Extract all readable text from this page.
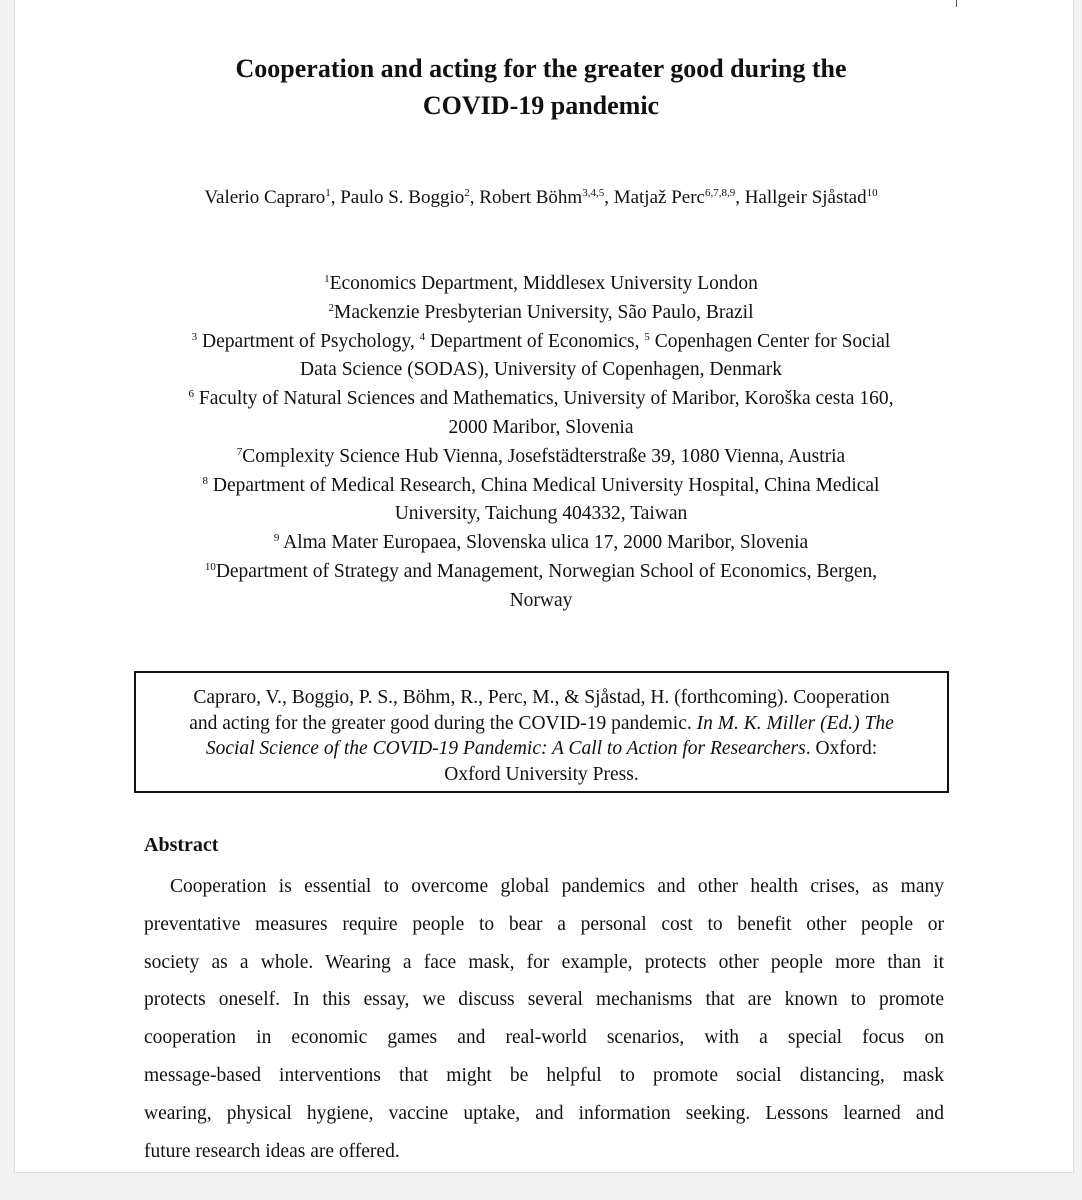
Cooperation and acting for the greater good during the
COVID-19 pandemic
Valerio Capraro$^1$, Paulo S. Boggio$^2$, Robert Böhm$^{3,4,5}$, Matjaž Perc$^{6,7,8,9}$, Hallgeir Sjåstad$^{10}$
$^1$Economics Department, Middlesex University London
$^2$Mackenzie Presbyterian University, São Paulo, Brazil
$^3$ Department of Psychology, $^4$ Department of Economics, $^5$ Copenhagen Center for Social
Data Science (SODAS), University of Copenhagen, Denmark
$^6$ Faculty of Natural Sciences and Mathematics, University of Maribor, Koroška cesta 160,
2000 Maribor, Slovenia
$^7$Complexity Science Hub Vienna, Josefstädterstraße 39, 1080 Vienna, Austria
$^8$ Department of Medical Research, China Medical University Hospital, China Medical
University, Taichung 404332, Taiwan
$^9$ Alma Mater Europaea, Slovenska ulica 17, 2000 Maribor, Slovenia
$^{10}$Department of Strategy and Management, Norwegian School of Economics, Bergen,
Norway
Capraro, V., Boggio, P. S., Böhm, R., Perc, M., & Sjåstad, H. (forthcoming). Cooperation
and acting for the greater good during the COVID-19 pandemic. In M. K. Miller (Ed.) The
Social Science of the COVID-19 Pandemic: A Call to Action for Researchers. Oxford:
Oxford University Press.
Abstract
Cooperation is essential to overcome global pandemics and other health crises, as many
preventative measures require people to bear a personal cost to benefit other people or
society as a whole. Wearing a face mask, for example, protects other people more than it
protects oneself. In this essay, we discuss several mechanisms that are known to promote
cooperation in economic games and real-world scenarios, with a special focus on
message-based interventions that might be helpful to promote social distancing, mask
wearing, physical hygiene, vaccine uptake, and information seeking. Lessons learned and
future research ideas are offered.
